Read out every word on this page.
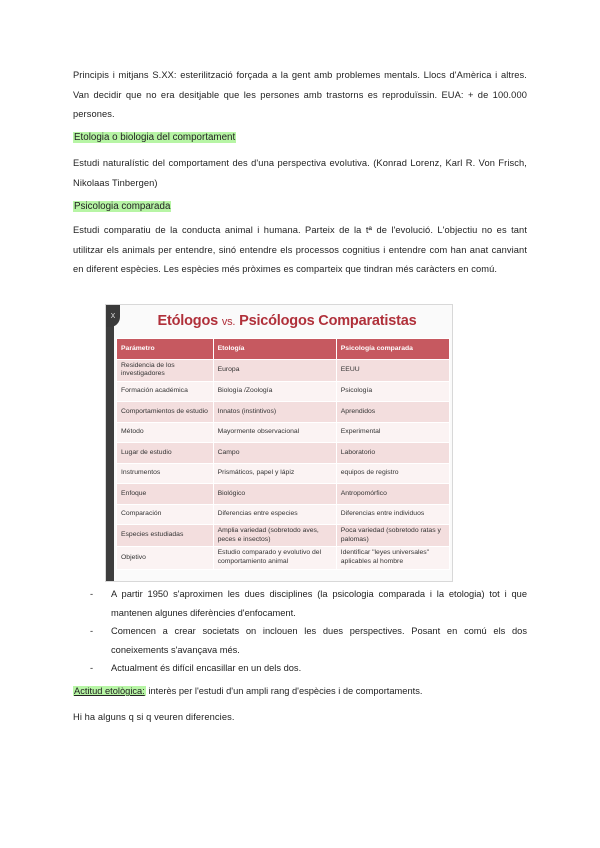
Principis i mitjans S.XX: esterilització forçada a la gent amb problemes mentals. Llocs d'Amèrica i altres. Van decidir que no era desitjable que les persones amb trastorns es reproduïssin. EUA: + de 100.000 persones.

Etologia o biologia del comportament

Estudi naturalístic del comportament des d'una perspectiva evolutiva. (Konrad Lorenz, Karl R. Von Frisch, Nikolaas Tinbergen)

Psicologia comparada

Estudi comparatiu de la conducta animal i humana. Parteix de la tª de l'evolució. L'objectiu no es tant utilitzar els animals per entendre, sinó entendre els processos cognitius i entendre com han anat canviant en diferent espècies. Les espècies més pròximes es comparteix que tindran més caràcters en comú.

x	Etólogos vs. Psicólogos Comparatistas
Parámetro	Etología	Psicología comparada
Residencia de los investigadores	Europa	EEUU
Formación académica	Biología /Zoología	Psicología
Comportamientos de estudio	Innatos (instintivos)	Aprendidos
Método	Mayormente observacional	Experimental
Lugar de estudio	Campo	Laboratorio
Instrumentos	Prismáticos, papel y lápiz	equipos de registro
Enfoque	Biológico	Antropomórfico
Comparación	Diferencias entre especies	Diferencias entre individuos
Especies estudiadas	Amplia variedad (sobretodo aves, peces e insectos)	Poca variedad (sobretodo ratas y palomas)
Objetivo	Estudio comparado y evolutivo del comportamiento animal	Identificar "leyes universales" aplicables al hombre
- A partir 1950 s'aproximen les dues disciplines (la psicologia comparada i la etologia) tot i que mantenen algunes diferències d'enfocament.
- Comencen a crear societats on inclouen les dues perspectives. Posant en comú els dos coneixements s'avançava més.
- Actualment és difícil encasillar en un dels dos.
Actitud etològica: interès per l'estudi d'un ampli rang d'espècies i de comportaments.

Hi ha alguns q si q veuren diferencies.
